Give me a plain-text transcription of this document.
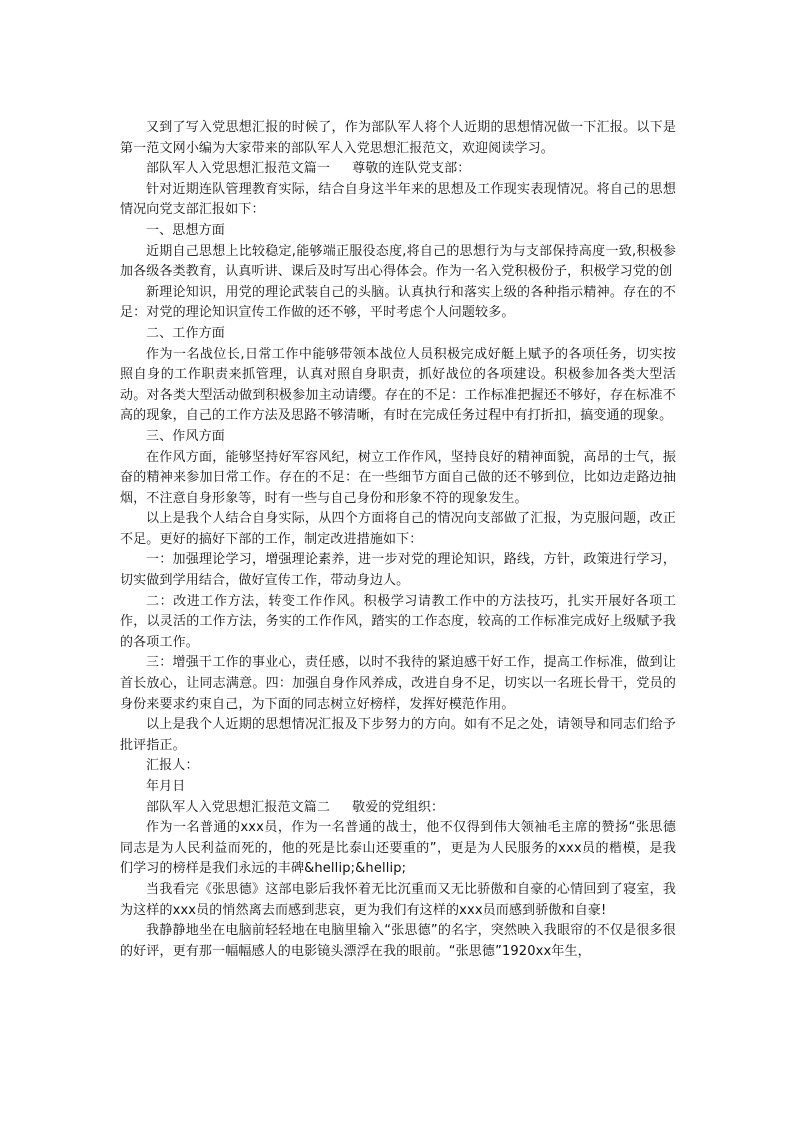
又到了写入党思想汇报的时候了，作为部队军人将个人近期的思想情况做一下汇报。以下是第一范文网小编为大家带来的部队军人入党思想汇报范文，欢迎阅读学习。

部队军人入党思想汇报范文篇一 尊敬的连队党支部：

针对近期连队管理教育实际，结合自身这半年来的思想及工作现实表现情况。将自己的思想情况向党支部汇报如下：

一、思想方面

近期自己思想上比较稳定,能够端正服役态度,将自己的思想行为与支部保持高度一致,积极参加各级各类教育，认真听讲、课后及时写出心得体会。作为一名入党积极份子，积极学习党的创

新理论知识，用党的理论武装自己的头脑。认真执行和落实上级的各种指示精神。存在的不足：对党的理论知识宣传工作做的还不够，平时考虑个人问题较多。

二、工作方面

作为一名战位长,日常工作中能够带领本战位人员积极完成好艇上赋予的各项任务，切实按照自身的工作职责来抓管理，认真对照自身职责，抓好战位的各项建设。积极参加各类大型活动。对各类大型活动做到积极参加主动请缨。存在的不足：工作标准把握还不够好，存在标准不高的现象，自己的工作方法及思路不够清晰，有时在完成任务过程中有打折扣，搞变通的现象。

三、作风方面

在作风方面，能够坚持好军容风纪，树立工作作风，坚持良好的精神面貌，高昂的士气，振奋的精神来参加日常工作。存在的不足：在一些细节方面自己做的还不够到位，比如边走路边抽烟，不注意自身形象等，时有一些与自己身份和形象不符的现象发生。

以上是我个人结合自身实际，从四个方面将自己的情况向支部做了汇报，为克服问题，改正不足。更好的搞好下部的工作，制定改进措施如下：

一：加强理论学习，增强理论素养，进一步对党的理论知识，路线，方针，政策进行学习，切实做到学用结合，做好宣传工作，带动身边人。

二：改进工作方法，转变工作作风。积极学习请教工作中的方法技巧，扎实开展好各项工作，以灵活的工作方法，务实的工作作风，踏实的工作态度，较高的工作标准完成好上级赋予我的各项工作。

三：增强干工作的事业心，责任感，以时不我待的紧迫感干好工作，提高工作标准，做到让首长放心，让同志满意。四：加强自身作风养成，改进自身不足，切实以一名班长骨干，党员的身份来要求约束自己，为下面的同志树立好榜样，发挥好模范作用。

以上是我个人近期的思想情况汇报及下步努力的方向。如有不足之处，请领导和同志们给予批评指正。

汇报人：

年月日

部队军人入党思想汇报范文篇二 敬爱的党组织：

作为一名普通的xxx员，作为一名普通的战士，他不仅得到伟大领袖毛主席的赞扬“张思德同志是为人民利益而死的，他的死是比泰山还要重的”，更是为人民服务的xxx员的楷模，是我们学习的榜样是我们永远的丰碑&hellip;&hellip;

当我看完《张思德》这部电影后我怀着无比沉重而又无比骄傲和自豪的心情回到了寝室，我为这样的xxx员的悄然离去而感到悲哀，更为我们有这样的xxx员而感到骄傲和自豪!

我静静地坐在电脑前轻轻地在电脑里输入“张思德”的名字，突然映入我眼帘的不仅是很多很的好评，更有那一幅幅感人的电影镜头漂浮在我的眼前。“张思德”1920xx年生，
